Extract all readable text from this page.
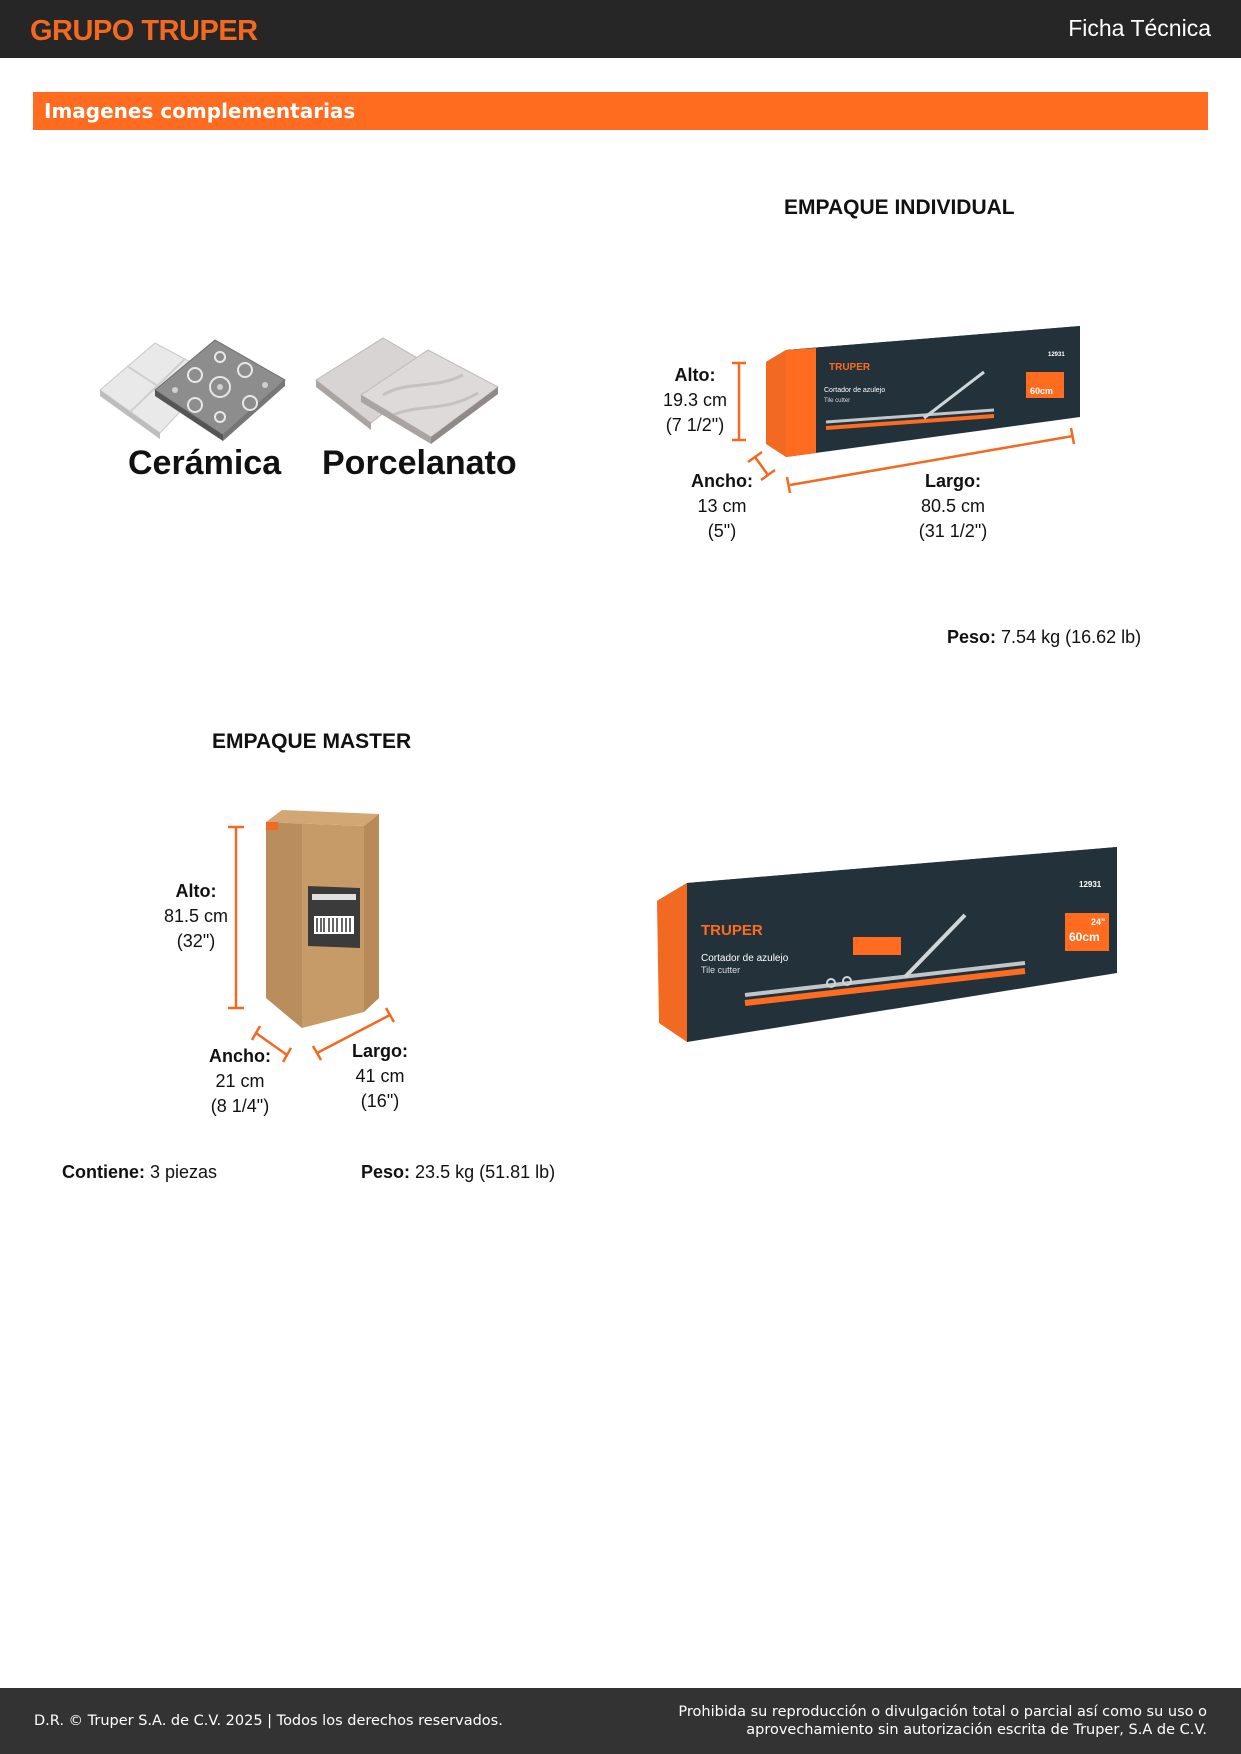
GRUPO TRUPER	Ficha Técnica
Imagenes complementarias
Cerámica Porcelanato
EMPAQUE INDIVIDUAL
TRUPER
Cortador de azulejo
Tile cutter
60cm
12931
Alto:
19.3 cm
(7 1/2")
Ancho:
13 cm
(5")
Largo:
80.5 cm
(31 1/2")
Peso: 7.54 kg (16.62 lb)
EMPAQUE MASTER
Alto:
81.5 cm
(32")
Ancho:
21 cm
(8 1/4")
Largo:
41 cm
(16")
Contiene: 3 piezas	Peso: 23.5 kg (51.81 lb)
TRUPER
Cortador de azulejo
Tile cutter
60cm
24"
12931
D.R. © Truper S.A. de C.V. 2025 | Todos los derechos reservados.
Prohibida su reproducción o divulgación total o parcial así como su uso o
aprovechamiento sin autorización escrita de Truper, S.A de C.V.
